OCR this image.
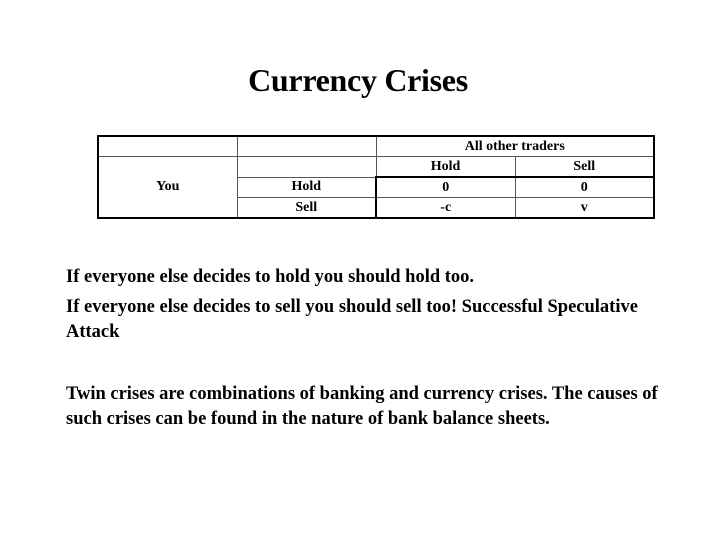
Currency Crises
		All other traders	
You		Hold	Sell
	Hold	0	0
	Sell	-c	v

If everyone else decides to hold you should hold too.

If everyone else decides to sell you should sell too! Successful Speculative Attack

Twin crises are combinations of banking and currency crises. The causes of such crises can be found in the nature of bank balance sheets.
